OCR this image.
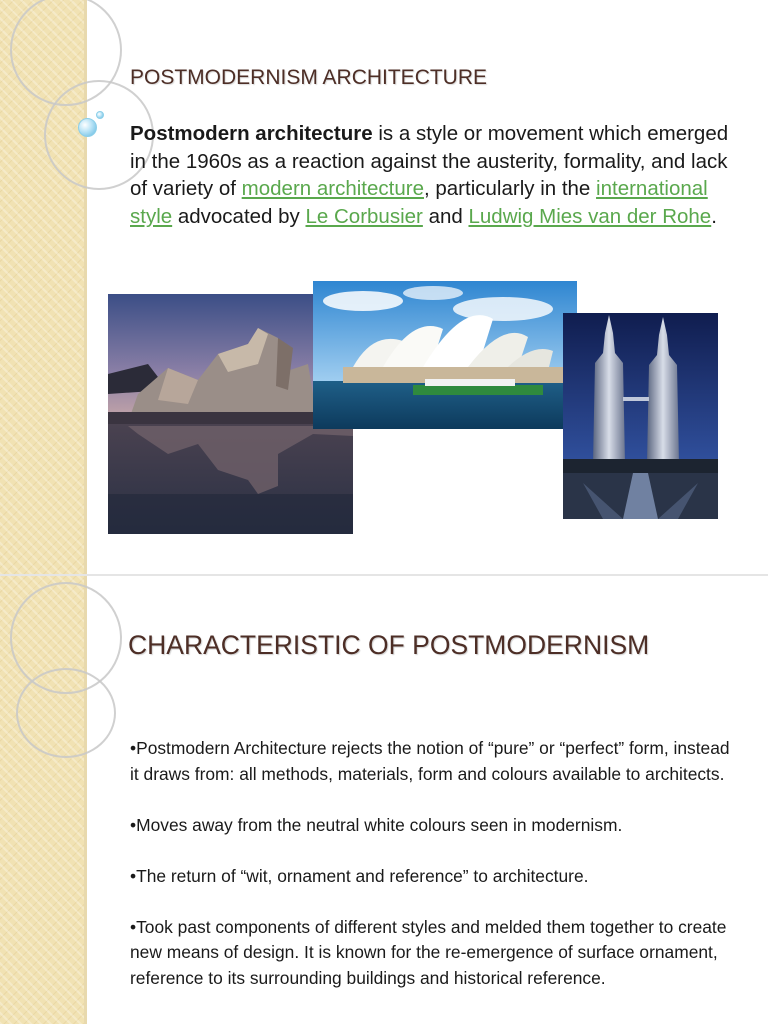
POSTMODERNISM ARCHITECTURE
Postmodern architecture is a style or movement which emerged in the 1960s as a reaction against the austerity, formality, and lack of variety of modern architecture, particularly in the international style advocated by Le Corbusier and Ludwig Mies van der Rohe.
CHARACTERISTIC OF POSTMODERNISM

•Postmodern Architecture rejects the notion of “pure” or “perfect” form, instead it draws from: all methods, materials, form and colours available to architects.

•Moves away from the neutral white colours seen in modernism.

•The return of “wit, ornament and reference” to architecture.

•Took past components of different styles and melded them together to create new means of design. It is known for the re-emergence of surface ornament, reference to its surrounding buildings and historical reference.
